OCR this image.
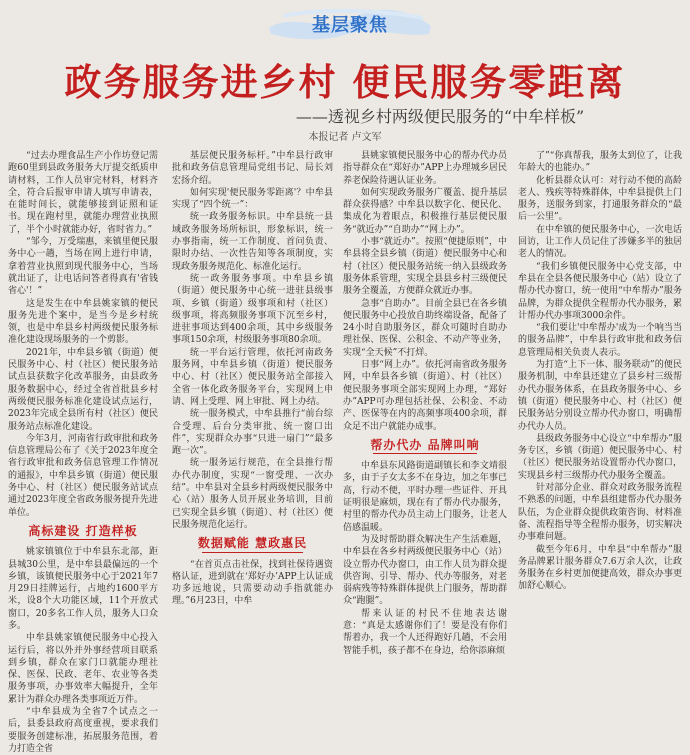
基层聚焦
政务服务进乡村 便民服务零距离
——透视乡村两级便民服务的“中牟样板”
本报记者 卢文军

“过去办理食品生产小作坊登记需跑60里到县政务服务大厅提交纸质申请材料，工作人员审完材料，材料齐全，符合后报审申请人填写申请表，在能时间长，就能够接到证照和证书。现在跑村里，就能办理营业执照了，半个小时就能办好，省时省力。”

“邹今，万受瑞惠，来镇里便民服务中心一趟，当场在网上进行申请，拿着营业执照到现代服务中心，当场就出证了，让电话问答者得真有'省钱省心'！”

这是发生在中牟县姚家镇的便民服务先进个案中，是当今是乡村统领，也是中牟县乡村两级便民服务标准化建设现场服务的一个剪影。

2021年，中牟县乡镇（街道）便民服务中心、村（社区）便民服务站试点县获数字化改革服务，由县政务服务数据中心，经过全省首批县乡村两级便民服务标准化建设试点运行，2023年完成全县所有村（社区）便民服务站点标准化建设。

今年3月，河南省行政审批和政务信息管理局公布了《关于2023年度全省行政审批和政务信息管理工作情况的通报》，中牟县乡镇（街道）便民服务中心、村（社区）便民服务站试点通过2023年度全省政务服务提升先进单位。

高标建设 打造样板

姚家镇镇位于中牟县东北部，距县城30公里，是中牟县最偏远的一个乡镇，该镇便民服务中心于2021年7月29日挂牌运行，占地约1600平方米，设8个大功能区域，11个开放式窗口，20多名工作人员，服务人口众多。

中牟县姚家镇便民服务中心投入运行后，将以外并外事经营项目联系到乡镇，群众在家门口就能办理社保、医保、民政、老年、农业等各类服务事项，办事效率大幅提升，全年累计为群众办理各类事项近万件。

“中牟县成为全省7个试点之一后，县委县政府高度重视，要求我们要服务创建标准，拓展服务范围，着力打造全省

基层便民服务标杆。”中牟县行政审批和政务信息管理局党组书记、局长刘宏扬介绍。

如何实现'便民服务零距离'？中牟县实现了“四个统一”：

统一政务服务标识。中牟县统一县域政务服务场所标识，形象标识，统一办事指南，统一工作制度、首问负责、限时办结、一次性告知等各项制度，实现政务服务规范化、标准化运行。

统一政务服务事项。中牟县乡镇（街道）便民服务中心统一进驻县级事项、乡镇（街道）级事项和村（社区）级事项，将高频服务事项下沉至乡村，进驻事项达到400余项，其中乡级服务事项150余项，村级服务事项80余项。

统一平台运行管理，依托河南政务服务网，中牟县乡镇（街道）便民服务中心、村（社区）便民服务站全部接入全省一体化政务服务平台，实现网上申请、网上受理、网上审批、网上办结。

统一服务模式，中牟县推行“前台综合受理、后台分类审批、统一窗口出件”，实现群众办事“只进一扇门”“最多跑一次”。

统一服务运行规范，在全县推行帮办代办制度，实现“一窗受理、一次办结”。中牟县对全县乡村两级便民服务中心（站）服务人员开展业务培训，目前已实现全县乡镇（街道）、村（社区）便民服务规范化运行。

数据赋能 慧政惠民

“在首页点击社保，找到社保待遇资格认证，进到就在‘郑好办’APP上认证成功多远地说，只需要动动手指就能办理。”6月23日，中牟

县姚家镇便民服务中心的帮办代办员指导群众在“郑好办”APP上办理城乡居民养老保险待遇认证业务。

如何实现政务服务广覆盖、提升基层群众获得感？中牟县以数字化、便民化、集成化为着眼点，积极推行基层便民服务“就近办”“自助办”“网上办”。

小事“就近办”。按照“便捷原则”，中牟县将全县乡镇（街道）便民服务中心和村（社区）便民服务站统一纳入县级政务服务体系管理，实现全县县乡村三级便民服务全覆盖，方便群众就近办事。

急事“自助办”。目前全县已在各乡镇便民服务中心投放自助终端设备，配备了24小时自助服务区，群众可随时自助办理社保、医保、公积金、不动产等业务，实现“全天候”不打烊。

日事“网上办”。依托河南省政务服务网，中牟县各乡镇（街道）、村（社区）便民服务事项全部实现网上办理，“郑好办”APP可办理包括社保、公积金、不动产、医保等在内的高频事项400余项，群众足不出户就能办成事。

帮办代办 品牌叫响

中牟县东风路街道副镇长和李文靖很多，由于子女太多不在身边，加之年事已高，行动不便，平时办理一些证件、开具证明很是麻烦，现在有了帮办代办服务，村里的帮办代办员主动上门服务，让老人倍感温暖。

为及时帮助群众解决生产生活难题，中牟县在各乡村两级便民服务中心（站）设立帮办代办窗口，由工作人员为群众提供咨询、引导、帮办、代办等服务，对老弱病残等特殊群体提供上门服务，帮助群众“跑腿”。

帮来认证的村民不住地表达谢意：“真是太感谢你们了！要是没有你们帮着办，我一个人还得跑好几趟，不会用智能手机，孩子都不在身边，给你添麻烦

了”“你真帮我，服务太到位了，让我年龄大的也能办。”

化析县群众认可：对行动不便的高龄老人、残疾等特殊群体，中牟县提供上门服务，送服务到家，打通服务群众的“最后一公里”。

在中牟镇的便民服务中心，一次电话回访，让工作人员记住了涉嫌多半的独居老人的情况。

“我们乡镇便民服务中心党支部，中牟县在全县各便民服务中心（站）设立了帮办代办窗口，统一使用“中牟帮办”服务品牌，为群众提供全程帮办代办服务，累计帮办代办事项3000余件。

“我们要让'中牟帮办'成为一个响当当的服务品牌”，中牟县行政审批和政务信息管理局相关负责人表示。

为打造“上下一体、服务联动”的便民服务机制，中牟县还建立了县乡村三级帮办代办服务体系，在县政务服务中心、乡镇（街道）便民服务中心、村（社区）便民服务站分别设立帮办代办窗口，明确帮办代办人员。

县级政务服务中心设立“中牟帮办”服务专区，乡镇（街道）便民服务中心、村（社区）便民服务站设置帮办代办窗口，实现县乡村三级帮办代办服务全覆盖。

针对部分企业、群众对政务服务流程不熟悉的问题，中牟县组建帮办代办服务队伍，为企业群众提供政策咨询、材料准备、流程指导等全程帮办服务，切实解决办事难问题。

截至今年6月，中牟县“中牟帮办”服务品牌累计服务群众7.6万余人次，让政务服务在乡村更加便捷高效，群众办事更加舒心顺心。
